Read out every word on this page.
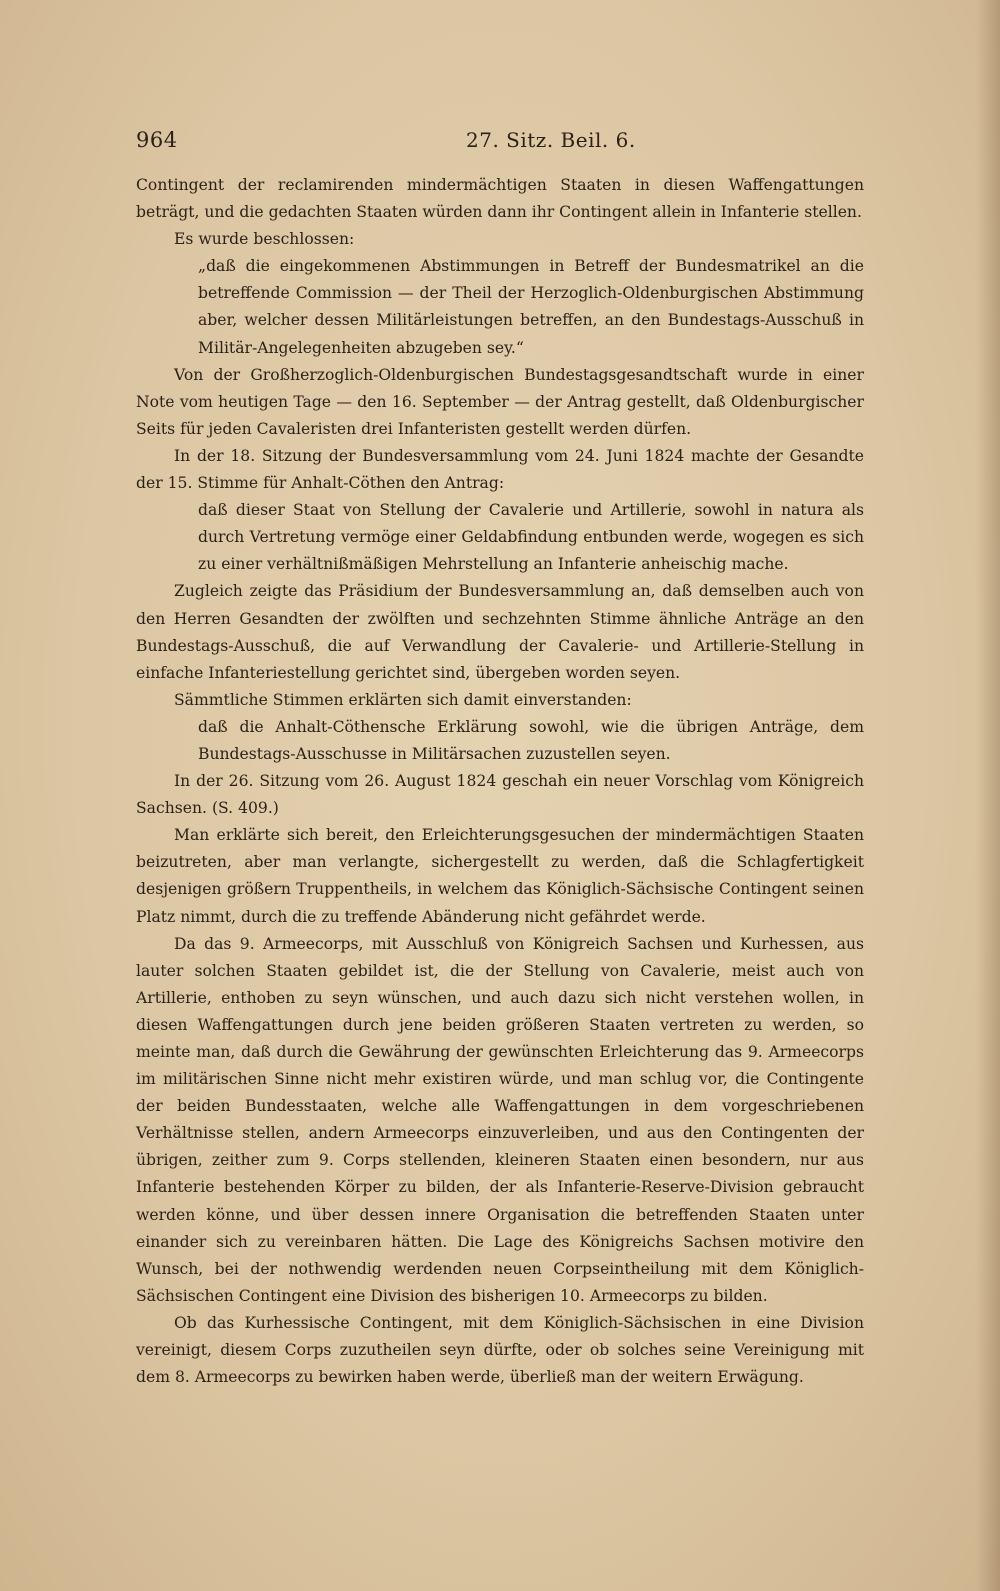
964	27. Sitz. Beil. 6.

Contingent der reclamirenden mindermächtigen Staaten in diesen Waffengattungen beträgt, und die gedachten Staaten würden dann ihr Contingent allein in Infanterie stellen.

Es wurde beschlossen:

„daß die eingekommenen Abstimmungen in Betreff der Bundesmatrikel an die betreffende Commission — der Theil der Herzoglich-Oldenburgischen Abstimmung aber, welcher dessen Militärleistungen betreffen, an den Bundestags-Ausschuß in Militär-Angelegenheiten abzugeben sey.“

Von der Großherzoglich-Oldenburgischen Bundestagsgesandtschaft wurde in einer Note vom heutigen Tage — den 16. September — der Antrag gestellt, daß Oldenburgischer Seits für jeden Cavaleristen drei Infanteristen gestellt werden dürfen.

In der 18. Sitzung der Bundesversammlung vom 24. Juni 1824 machte der Gesandte der 15. Stimme für Anhalt-Cöthen den Antrag:

daß dieser Staat von Stellung der Cavalerie und Artillerie, sowohl in natura als durch Vertretung vermöge einer Geldabfindung entbunden werde, wogegen es sich zu einer verhältnißmäßigen Mehrstellung an Infanterie anheischig mache.

Zugleich zeigte das Präsidium der Bundesversammlung an, daß demselben auch von den Herren Gesandten der zwölften und sechzehnten Stimme ähnliche Anträge an den Bundestags-Ausschuß, die auf Verwandlung der Cavalerie- und Artillerie-Stellung in einfache Infanteriestellung gerichtet sind, übergeben worden seyen.

Sämmtliche Stimmen erklärten sich damit einverstanden:

daß die Anhalt-Cöthensche Erklärung sowohl, wie die übrigen Anträge, dem Bundestags-Ausschusse in Militärsachen zuzustellen seyen.

In der 26. Sitzung vom 26. August 1824 geschah ein neuer Vorschlag vom Königreich Sachsen. (S. 409.)

Man erklärte sich bereit, den Erleichterungsgesuchen der mindermächtigen Staaten beizutreten, aber man verlangte, sichergestellt zu werden, daß die Schlagfertigkeit desjenigen größern Truppentheils, in welchem das Königlich-Sächsische Contingent seinen Platz nimmt, durch die zu treffende Abänderung nicht gefährdet werde.

Da das 9. Armeecorps, mit Ausschluß von Königreich Sachsen und Kurhessen, aus lauter solchen Staaten gebildet ist, die der Stellung von Cavalerie, meist auch von Artillerie, enthoben zu seyn wünschen, und auch dazu sich nicht verstehen wollen, in diesen Waffengattungen durch jene beiden größeren Staaten vertreten zu werden, so meinte man, daß durch die Gewährung der gewünschten Erleichterung das 9. Armeecorps im militärischen Sinne nicht mehr existiren würde, und man schlug vor, die Contingente der beiden Bundesstaaten, welche alle Waffengattungen in dem vorgeschriebenen Verhältnisse stellen, andern Armeecorps einzuverleiben, und aus den Contingenten der übrigen, zeither zum 9. Corps stellenden, kleineren Staaten einen besondern, nur aus Infanterie bestehenden Körper zu bilden, der als Infanterie-Reserve-Division gebraucht werden könne, und über dessen innere Organisation die betreffenden Staaten unter einander sich zu vereinbaren hätten. Die Lage des Königreichs Sachsen motivire den Wunsch, bei der nothwendig werdenden neuen Corpseintheilung mit dem Königlich-Sächsischen Contingent eine Division des bisherigen 10. Armeecorps zu bilden.

Ob das Kurhessische Contingent, mit dem Königlich-Sächsischen in eine Division vereinigt, diesem Corps zuzutheilen seyn dürfte, oder ob solches seine Vereinigung mit dem 8. Armeecorps zu bewirken haben werde, überließ man der weitern Erwägung.
